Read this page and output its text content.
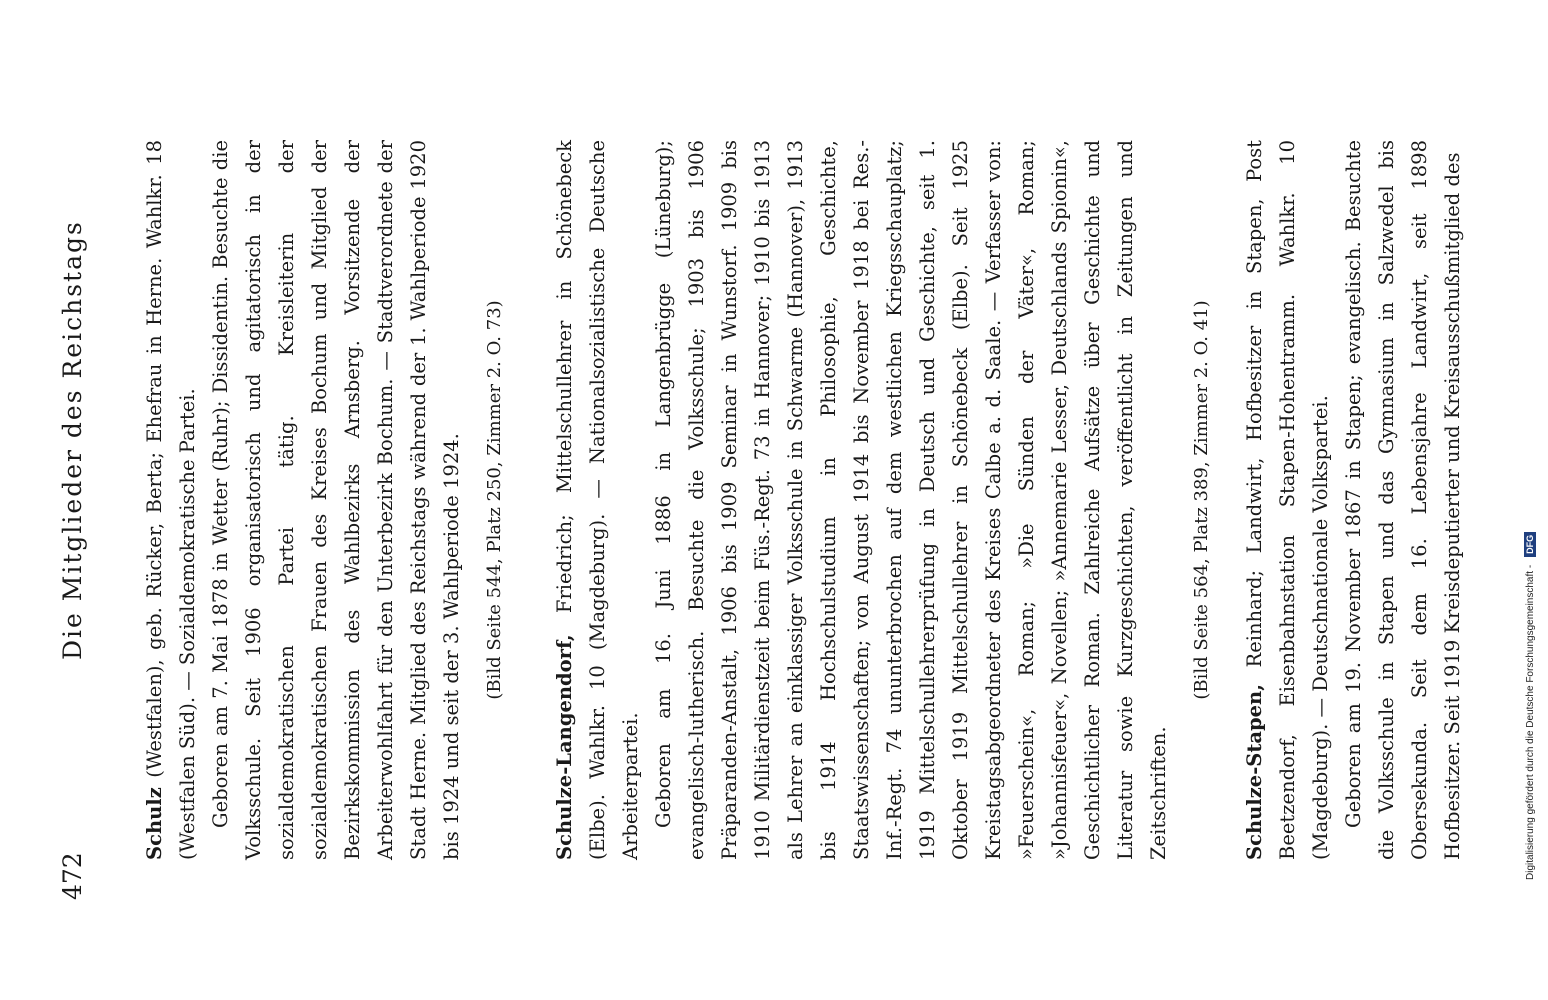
472
Die Mitglieder des Reichstags

Schulz (Westfalen), geb. Rücker, Berta; Ehefrau in Herne. Wahlkr. 18 (Westfalen Süd). — Sozialdemokratische Partei. Geboren am 7. Mai 1878 in Wetter (Ruhr); Dissidentin. Besuchte die Volksschule. Seit 1906 organisatorisch und agitatorisch in der sozialdemokratischen Partei tätig. Kreisleiterin der sozialdemokratischen Frauen des Kreises Bochum und Mitglied der Bezirkskommission des Wahlbezirks Arnsberg. Vorsitzende der Arbeiterwohlfahrt für den Unterbezirk Bochum. — Stadtverordnete der Stadt Herne. Mitglied des Reichstags während der 1. Wahlperiode 1920 bis 1924 und seit der 3. Wahlperiode 1924.	(Bild Seite 544, Platz 250, Zimmer 2. O. 73)

Schulze-Langendorf, Friedrich; Mittelschullehrer in Schönebeck (Elbe). Wahlkr. 10 (Magdeburg). — Nationalsozialistische Deutsche Arbeiterpartei. Geboren am 16. Juni 1886 in Langenbrügge (Lüneburg); evangelisch-lutherisch. Besuchte die Volksschule; 1903 bis 1906 Präparanden-Anstalt, 1906 bis 1909 Seminar in Wunstorf. 1909 bis 1910 Militärdienstzeit beim Füs.-Regt. 73 in Hannover; 1910 bis 1913 als Lehrer an einklassiger Volksschule in Schwarme (Hannover), 1913 bis 1914 Hochschulstudium in Philosophie, Geschichte, Staatswissenschaften; von August 1914 bis November 1918 bei Res.-Inf.-Regt. 74 ununterbrochen auf dem westlichen Kriegsschauplatz; 1919 Mittelschullehrerprüfung in Deutsch und Geschichte, seit 1. Oktober 1919 Mittelschullehrer in Schönebeck (Elbe). Seit 1925 Kreistagsabgeordneter des Kreises Calbe a. d. Saale. — Verfasser von: »Feuerschein«, Roman; »Die Sünden der Väter«, Roman; »Johannisfeuer«, Novellen; »Annemarie Lesser, Deutschlands Spionin«, Geschichtlicher Roman. Zahlreiche Aufsätze über Geschichte und Literatur sowie Kurzgeschichten, veröffentlicht in Zeitungen und Zeitschriften.

(Bild Seite 564, Platz 389, Zimmer 2. O. 41)

Schulze-Stapen, Reinhard; Landwirt, Hofbesitzer in Stapen, Post Beetzendorf, Eisenbahnstation Stapen-Hohentramm. Wahlkr. 10 (Magdeburg). — Deutschnationale Volkspartei. Geboren am 19. November 1867 in Stapen; evangelisch. Besuchte die Volksschule in Stapen und das Gymnasium in Salzwedel bis Obersekunda. Seit dem 16. Lebensjahre Landwirt, seit 1898 Hofbesitzer. Seit 1919 Kreisdeputierter und Kreisausschußmitglied des	Digitalisierung gefördert durch die Deutsche Forschungsgemeinschaft -
DFG
